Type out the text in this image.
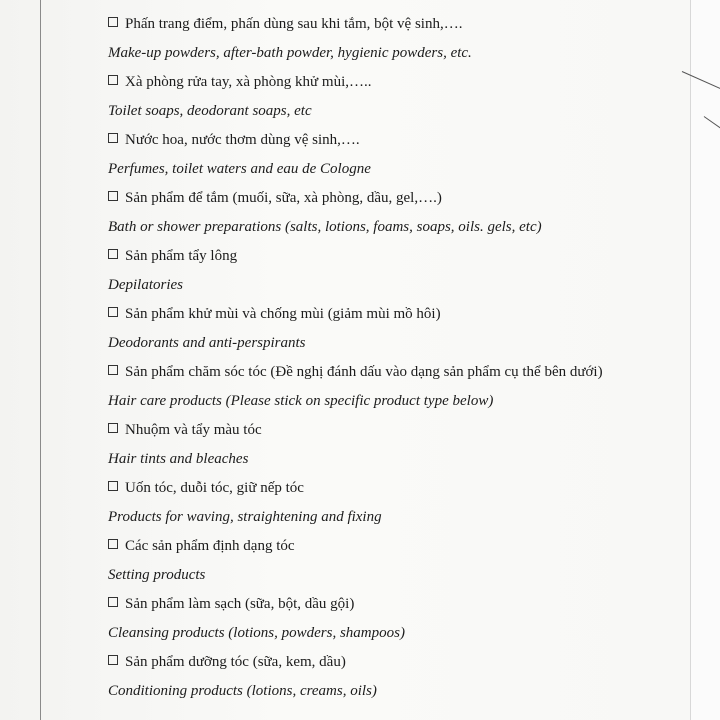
Phấn trang điểm, phấn dùng sau khi tắm, bột vệ sinh,….
Make-up powders, after-bath powder, hygienic powders, etc.
Xà phòng rửa tay, xà phòng khử mùi,…..
Toilet soaps, deodorant soaps, etc
Nước hoa, nước thơm dùng vệ sinh,….
Perfumes, toilet waters and eau de Cologne
Sản phẩm để tắm (muối, sữa, xà phòng, dầu, gel,….)
Bath or shower preparations (salts, lotions, foams, soaps, oils. gels, etc)
Sản phẩm tẩy lông
Depilatories
Sản phẩm khử mùi và chống mùi (giảm mùi mồ hôi)
Deodorants and anti-perspirants
Sản phẩm chăm sóc tóc (Đề nghị đánh dấu vào dạng sản phẩm cụ thể bên dưới)
Hair care products (Please stick on specific product type below)
Nhuộm và tẩy màu tóc
Hair tints and bleaches
Uốn tóc, duỗi tóc, giữ nếp tóc
Products for waving, straightening and fixing
Các sản phẩm định dạng tóc
Setting products
Sản phẩm làm sạch (sữa, bột, dầu gội)
Cleansing products (lotions, powders, shampoos)
Sản phẩm dưỡng tóc (sữa, kem, dầu)
Conditioning products (lotions, creams, oils)
